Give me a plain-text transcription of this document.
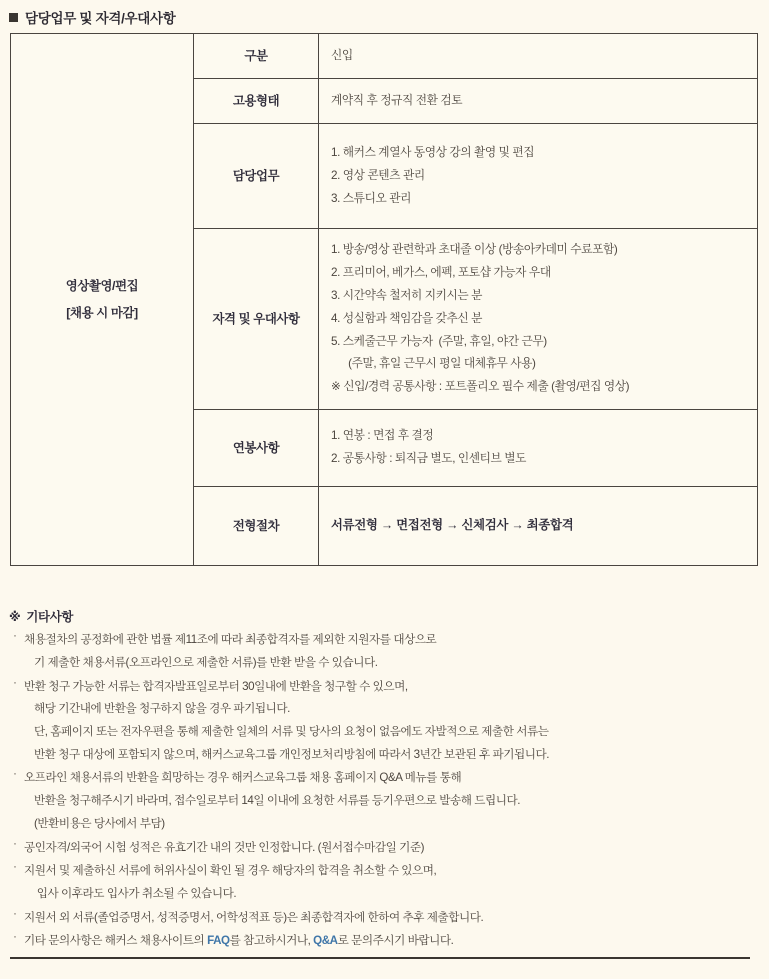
담당업무 및 자격/우대사항
영상촬영/편집
[채용 시 마감]	구분	신입

	고용형태	계약직 후 정규직 전환 검토

	담당업무	1. 해커스 계열사 동영상 강의 촬영 및 편집
2. 영상 콘텐츠 관리
3. 스튜디오 관리

자격 및 우대사항	
1. 방송/영상 관련학과 초대졸 이상 (방송아카데미 수료포함)
2. 프리미어, 베가스, 에펙, 포토샵 가능자 우대
3. 시간약속 철저히 지키시는 분
4. 성실함과 책임감을 갖추신 분
5. 스케줄근무 가능자  (주말, 휴일, 야간 근무)
(주말, 휴일 근무시 평일 대체휴무 사용)
※ 신입/경력 공통사항 : 포트폴리오 필수 제출 (촬영/편집 영상)

	연봉사항	1. 연봉 : 면접 후 결정
2. 공통사항 : 퇴직금 별도, 인센티브 별도

	전형절차	서류전형 → 면접전형 → 신체검사 → 최종합격
※ 기타사항
· 채용절차의 공정화에 관한 법률 제11조에 따라 최종합격자를 제외한 지원자를 대상으로
기 제출한 채용서류(오프라인으로 제출한 서류)를 반환 받을 수 있습니다.
· 반환 청구 가능한 서류는 합격자발표일로부터 30일내에 반환을 청구할 수 있으며,
해당 기간내에 반환을 청구하지 않을 경우 파기됩니다.
단, 홈페이지 또는 전자우편을 통해 제출한 일체의 서류 및 당사의 요청이 없음에도 자발적으로 제출한 서류는
반환 청구 대상에 포함되지 않으며, 해커스교육그룹 개인정보처리방침에 따라서 3년간 보관된 후 파기됩니다.
· 오프라인 채용서류의 반환을 희망하는 경우 해커스교육그룹 채용 홈페이지 Q&A 메뉴를 통해
반환을 청구해주시기 바라며, 접수일로부터 14일 이내에 요청한 서류를 등기우편으로 발송해 드립니다.
(반환비용은 당사에서 부담)
· 공인자격/외국어 시험 성적은 유효기간 내의 것만 인정합니다. (원서접수마감일 기준)
· 지원서 및 제출하신 서류에 허위사실이 확인 될 경우 해당자의 합격을 취소할 수 있으며,
입사 이후라도 입사가 취소될 수 있습니다.
· 지원서 외 서류(졸업증명서, 성적증명서, 어학성적표 등)은 최종합격자에 한하여 추후 제출합니다.
· 기타 문의사항은 해커스 채용사이트의 FAQ를 참고하시거나, Q&A로 문의주시기 바랍니다.
